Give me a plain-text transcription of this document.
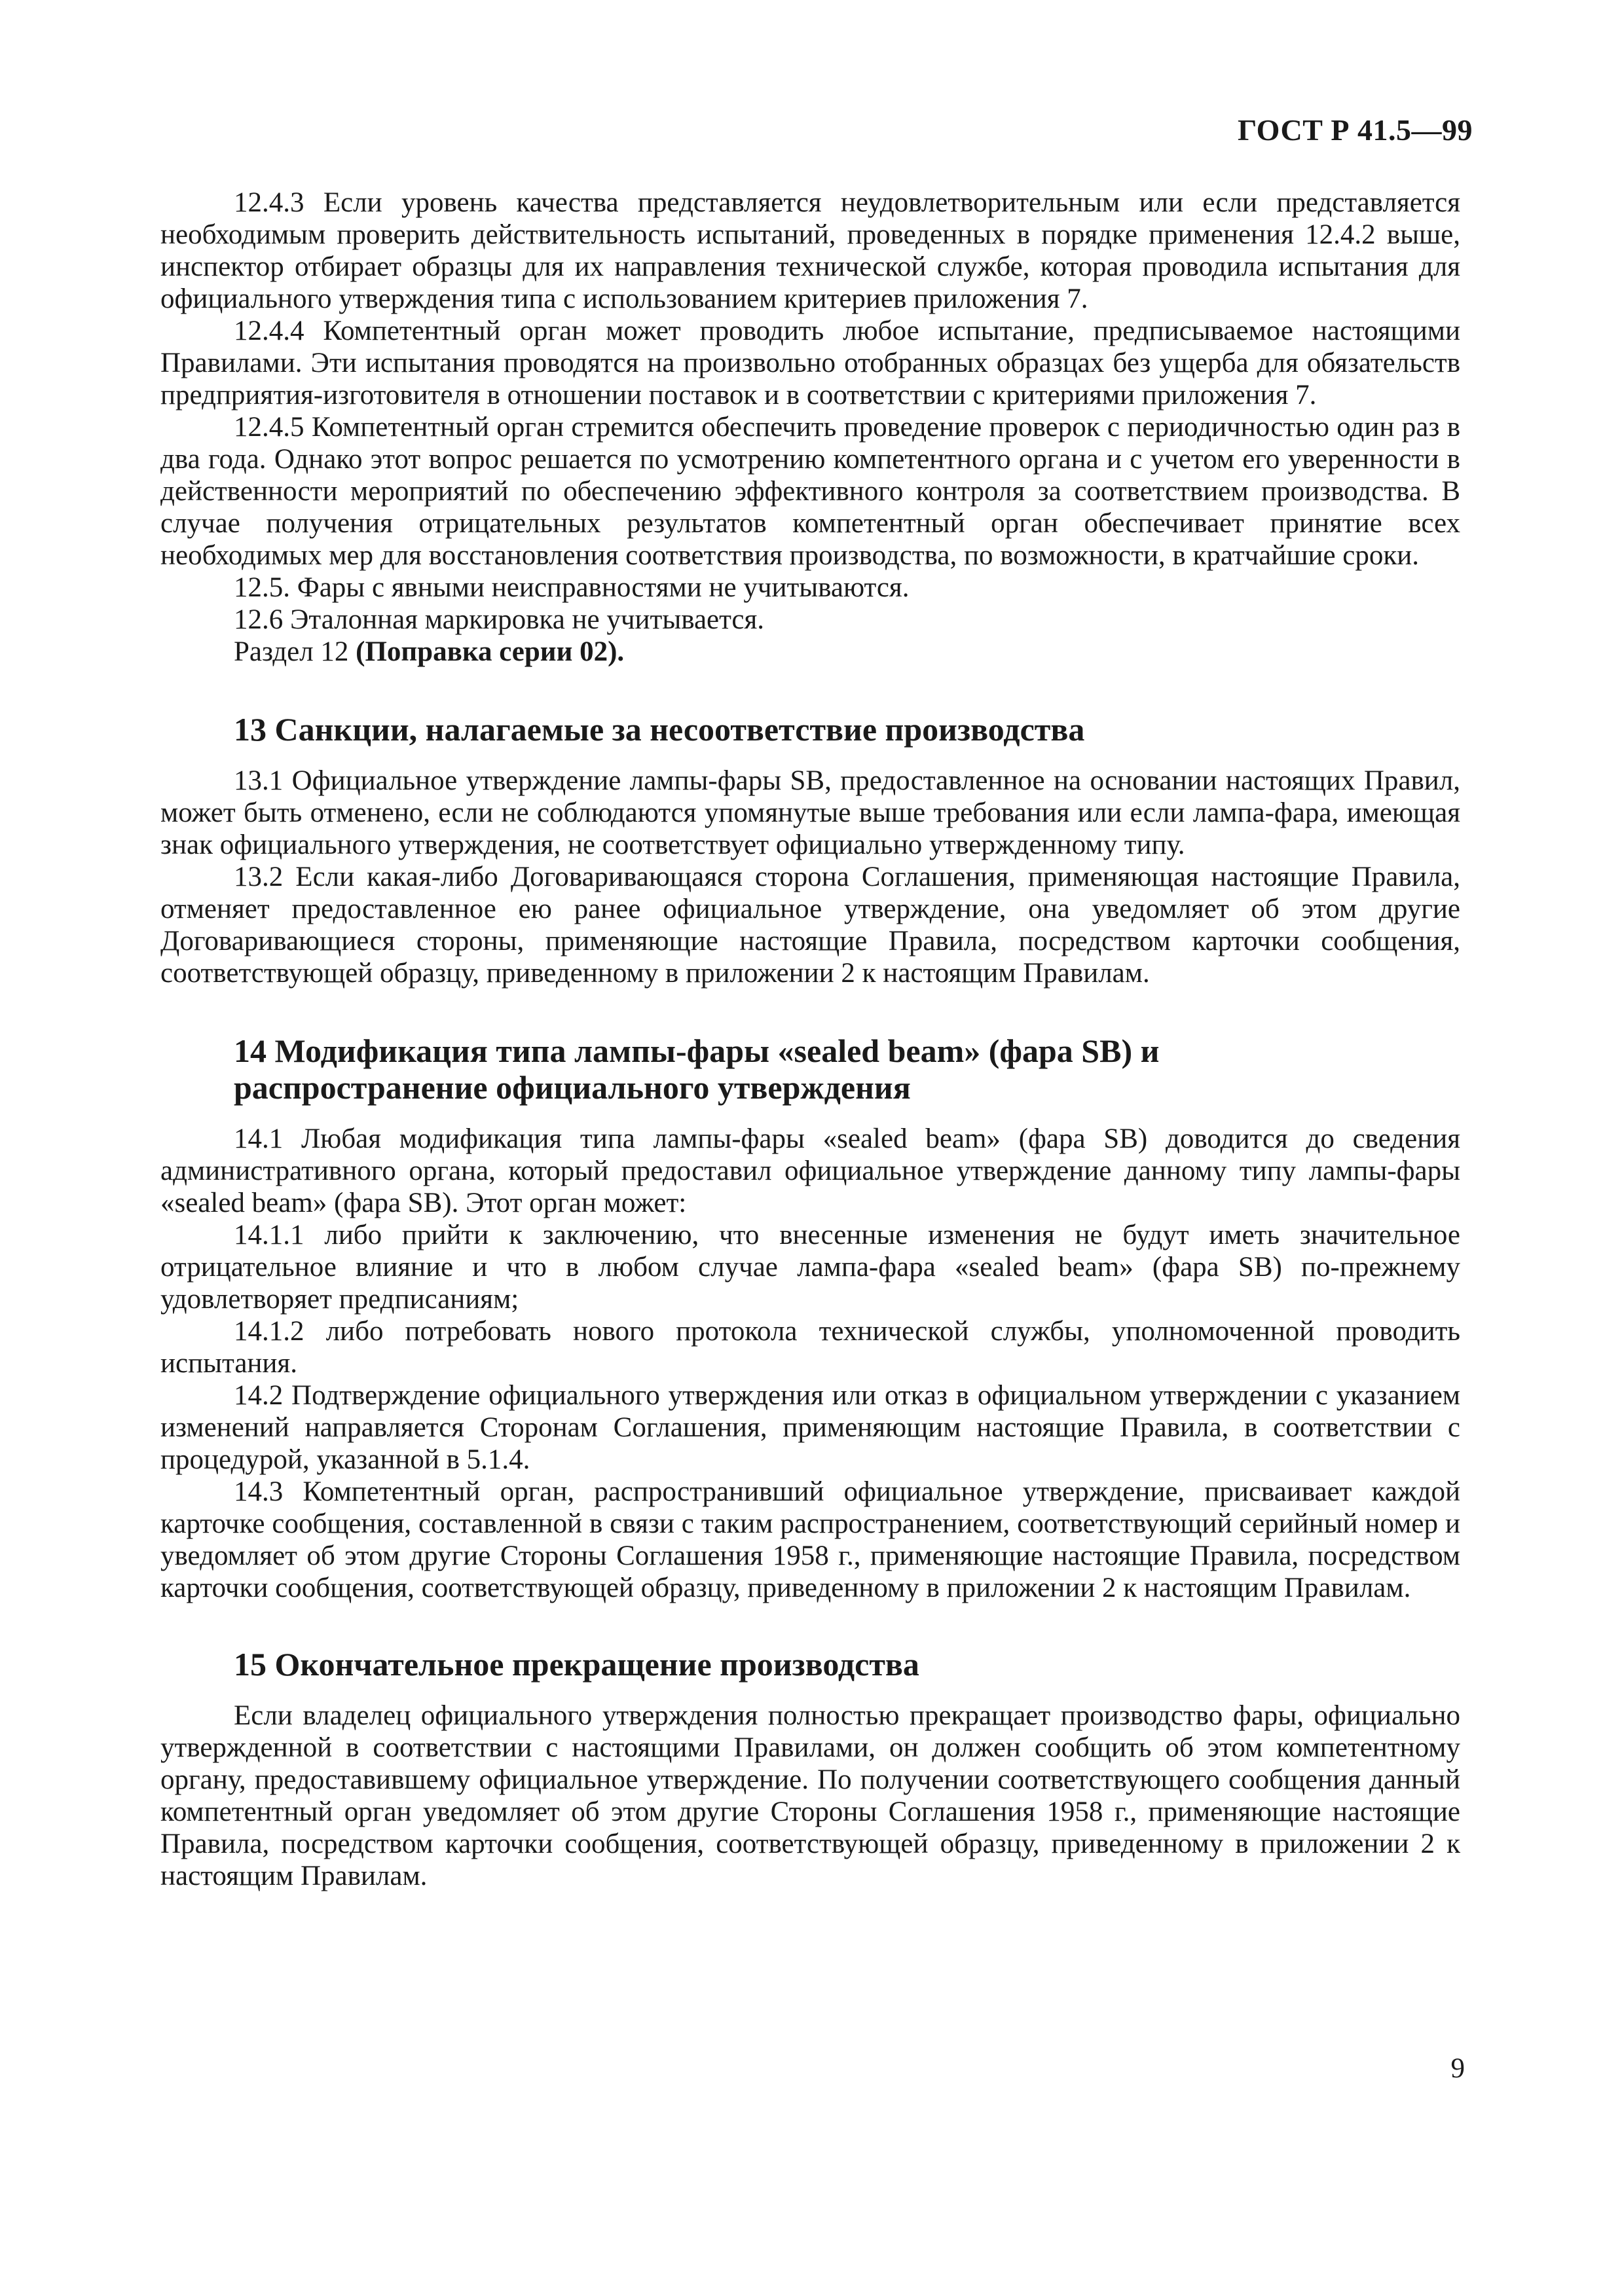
ГОСТ Р 41.5—99

12.4.3 Если уровень качества представляется неудовлетворительным или если представляется необходимым проверить действительность испытаний, проведенных в порядке применения 12.4.2 выше, инспектор отбирает образцы для их направления технической службе, которая проводила испытания для официального утверждения типа с использованием критериев приложения 7.

12.4.4 Компетентный орган может проводить любое испытание, предписываемое настоящими Правилами. Эти испытания проводятся на произвольно отобранных образцах без ущерба для обязательств предприятия-изготовителя в отношении поставок и в соответствии с критериями приложения 7.

12.4.5 Компетентный орган стремится обеспечить проведение проверок с периодичностью один раз в два года. Однако этот вопрос решается по усмотрению компетентного органа и с учетом его уверенности в действенности мероприятий по обеспечению эффективного контроля за соответствием производства. В случае получения отрицательных результатов компетентный орган обеспечивает принятие всех необходимых мер для восстановления соответствия производства, по возможности, в кратчайшие сроки.

12.5. Фары с явными неисправностями не учитываются.

12.6 Эталонная маркировка не учитывается.

Раздел 12 (Поправка серии 02).

13 Санкции, налагаемые за несоответствие производства

13.1 Официальное утверждение лампы-фары SB, предоставленное на основании настоящих Правил, может быть отменено, если не соблюдаются упомянутые выше требования или если лампа-фара, имеющая знак официального утверждения, не соответствует официально утвержденному типу.

13.2 Если какая-либо Договаривающаяся сторона Соглашения, применяющая настоящие Правила, отменяет предоставленное ею ранее официальное утверждение, она уведомляет об этом другие Договаривающиеся стороны, применяющие настоящие Правила, посредством карточки сообщения, соответствующей образцу, приведенному в приложении 2 к настоящим Правилам.

14 Модификация типа лампы-фары «sealed beam» (фара SB) и
распространение официального утверждения

14.1 Любая модификация типа лампы-фары «sealed beam» (фара SB) доводится до сведения административного органа, который предоставил официальное утверждение данному типу лампы-фары «sealed beam» (фара SB). Этот орган может:

14.1.1 либо прийти к заключению, что внесенные изменения не будут иметь значительное отрицательное влияние и что в любом случае лампа-фара «sealed beam» (фара SB) по-прежнему удовлетворяет предписаниям;

14.1.2 либо потребовать нового протокола технической службы, уполномоченной проводить испытания.

14.2 Подтверждение официального утверждения или отказ в официальном утверждении с указанием изменений направляется Сторонам Соглашения, применяющим настоящие Правила, в соответствии с процедурой, указанной в 5.1.4.

14.3 Компетентный орган, распространивший официальное утверждение, присваивает каждой карточке сообщения, составленной в связи с таким распространением, соответствующий серийный номер и уведомляет об этом другие Стороны Соглашения 1958 г., применяющие настоящие Правила, посредством карточки сообщения, соответствующей образцу, приведенному в приложении 2 к настоящим Правилам.

15 Окончательное прекращение производства

Если владелец официального утверждения полностью прекращает производство фары, официально утвержденной в соответствии с настоящими Правилами, он должен сообщить об этом компетентному органу, предоставившему официальное утверждение. По получении соответствующего сообщения данный компетентный орган уведомляет об этом другие Стороны Соглашения 1958 г., применяющие настоящие Правила, посредством карточки сообщения, соответствующей образцу, приведенному в приложении 2 к настоящим Правилам.

9
